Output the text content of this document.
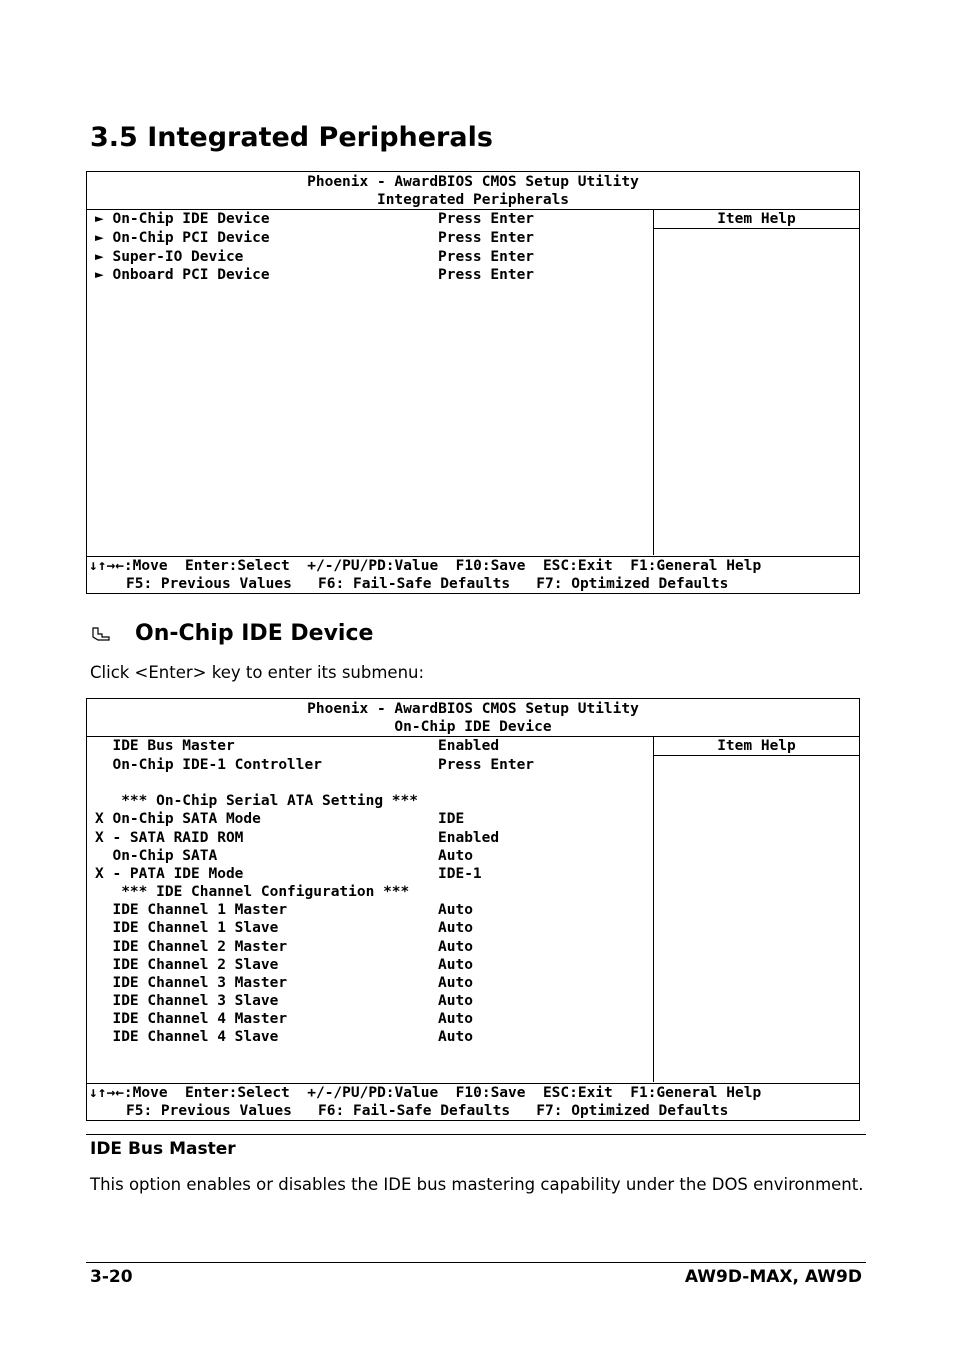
3.5 Integrated Peripherals
Phoenix - AwardBIOS CMOS Setup Utility
Integrated Peripherals
► On-Chip IDE Device	Press Enter
► On-Chip PCI Device	Press Enter
► Super-IO Device	Press Enter
► Onboard PCI Device	Press Enter
Item Help
↓↑→←:Move  Enter:Select  +/-/PU/PD:Value  F10:Save  ESC:Exit  F1:General Help
F5: Previous Values   F6: Fail-Safe Defaults   F7: Optimized Defaults
On-Chip IDE Device
Click <Enter> key to enter its submenu:
Phoenix - AwardBIOS CMOS Setup Utility
On-Chip IDE Device
IDE Bus Master	Enabled
On-Chip IDE-1 Controller	Press Enter
*** On-Chip Serial ATA Setting ***
X On-Chip SATA Mode	IDE
X - SATA RAID ROM	Enabled
On-Chip SATA	Auto
X - PATA IDE Mode	IDE-1
*** IDE Channel Configuration ***
IDE Channel 1 Master	Auto
IDE Channel 1 Slave	Auto
IDE Channel 2 Master	Auto
IDE Channel 2 Slave	Auto
IDE Channel 3 Master	Auto
IDE Channel 3 Slave	Auto
IDE Channel 4 Master	Auto
IDE Channel 4 Slave	Auto
Item Help
↓↑→←:Move  Enter:Select  +/-/PU/PD:Value  F10:Save  ESC:Exit  F1:General Help
F5: Previous Values   F6: Fail-Safe Defaults   F7: Optimized Defaults
IDE Bus Master
This option enables or disables the IDE bus mastering capability under the DOS environment.
3-20	AW9D-MAX, AW9D
